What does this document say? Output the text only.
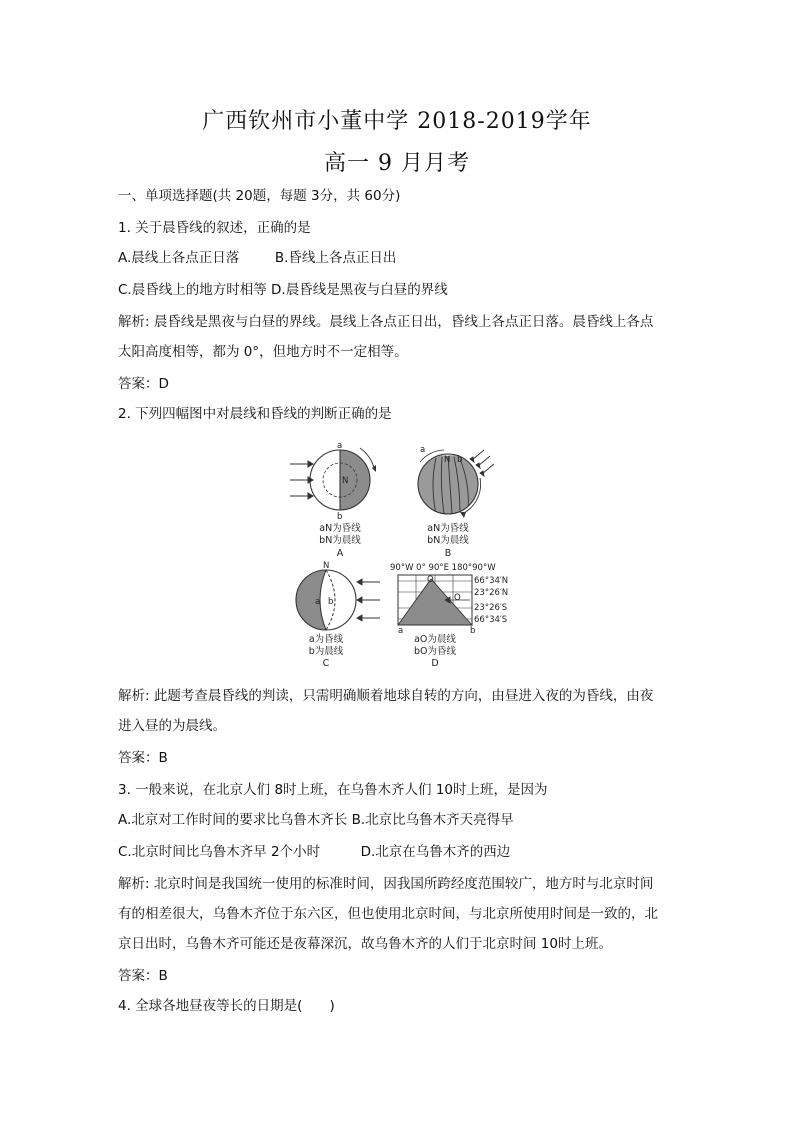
广西钦州市小董中学 2018-2019学年
高一 9 月月考
一、单项选择题(共 20题，每题 3分，共 60分)
1. 关于晨昏线的叙述，正确的是
A.晨线上各点正日落　　  B.昏线上各点正日出
C.晨昏线上的地方时相等 D.晨昏线是黑夜与白昼的界线
解析: 晨昏线是黑夜与白昼的界线。晨线上各点正日出，昏线上各点正日落。晨昏线上各点
太阳高度相等，都为 0°，但地方时不一定相等。
答案：D
2. 下列四幅图中对晨线和昏线的判断正确的是
a
N
b
aN为昏线
bN为晨线
A
a
N b
aN为昏线
bN为晨线
B
N
a b
a为昏线
b为晨线
C
90°W 0° 90°E 180°90°W
O
O
a	b
66°34′N
23°26′N
23°26′S
66°34′S
aO为晨线
bO为昏线
D
解析: 此题考查晨昏线的判读，只需明确顺着地球自转的方向，由昼进入夜的为昏线，由夜
进入昼的为晨线。
答案：B
3. 一般来说，在北京人们 8时上班，在乌鲁木齐人们 10时上班，是因为
A.北京对工作时间的要求比乌鲁木齐长 B.北京比乌鲁木齐天亮得早
C.北京时间比乌鲁木齐早 2个小时　　　D.北京在乌鲁木齐的西边
解析: 北京时间是我国统一使用的标准时间，因我国所跨经度范围较广，地方时与北京时间
有的相差很大，乌鲁木齐位于东六区，但也使用北京时间，与北京所使用时间是一致的，北
京日出时，乌鲁木齐可能还是夜幕深沉，故乌鲁木齐的人们于北京时间 10时上班。
答案：B
4. 全球各地昼夜等长的日期是(　　)
